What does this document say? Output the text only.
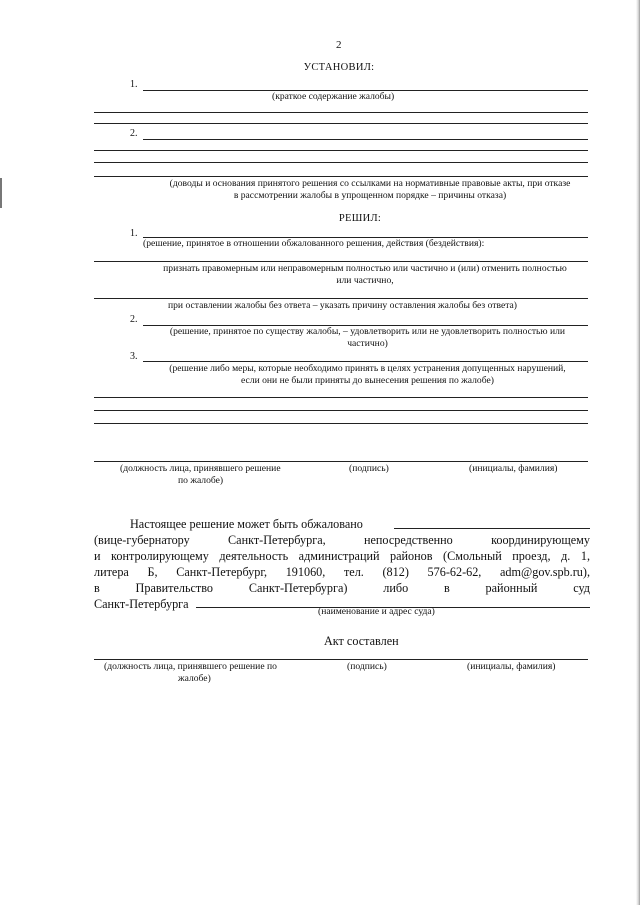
2
УСТАНОВИЛ:
1.
(краткое содержание жалобы)
2.
(доводы и основания принятого решения со ссылками на нормативные правовые акты, при отказе
в рассмотрении жалобы в упрощенном порядке – причины отказа)
РЕШИЛ:
1.
(решение, принятое в отношении обжалованного решения, действия (бездействия):
признать правомерным или неправомерным полностью или частично и (или) отменить полностью
или частично,
при оставлении жалобы без ответа – указать причину оставления жалобы без ответа)
2.
(решение, принятое по существу жалобы, – удовлетворить или не удовлетворить полностью или
частично)
3.
(решение либо меры, которые необходимо принять в целях устранения допущенных нарушений,
если они не были приняты до вынесения решения по жалобе)
(должность лица, принявшего решение
по жалобе)
(подпись)	(инициалы, фамилия)
Настоящее решение может быть обжаловано
(вице-губернатору Санкт-Петербурга, непосредственно координирующему
и контролирующему деятельность администраций районов (Смольный проезд, д. 1,
литера Б, Санкт-Петербург, 191060, тел. (812) 576-62-62, adm@gov.spb.ru),
в Правительство Санкт-Петербурга) либо в районный суд
Санкт-Петербурга
(наименование и адрес суда)
Акт составлен
(должность лица, принявшего решение по
жалобе)
(подпись)	(инициалы, фамилия)
